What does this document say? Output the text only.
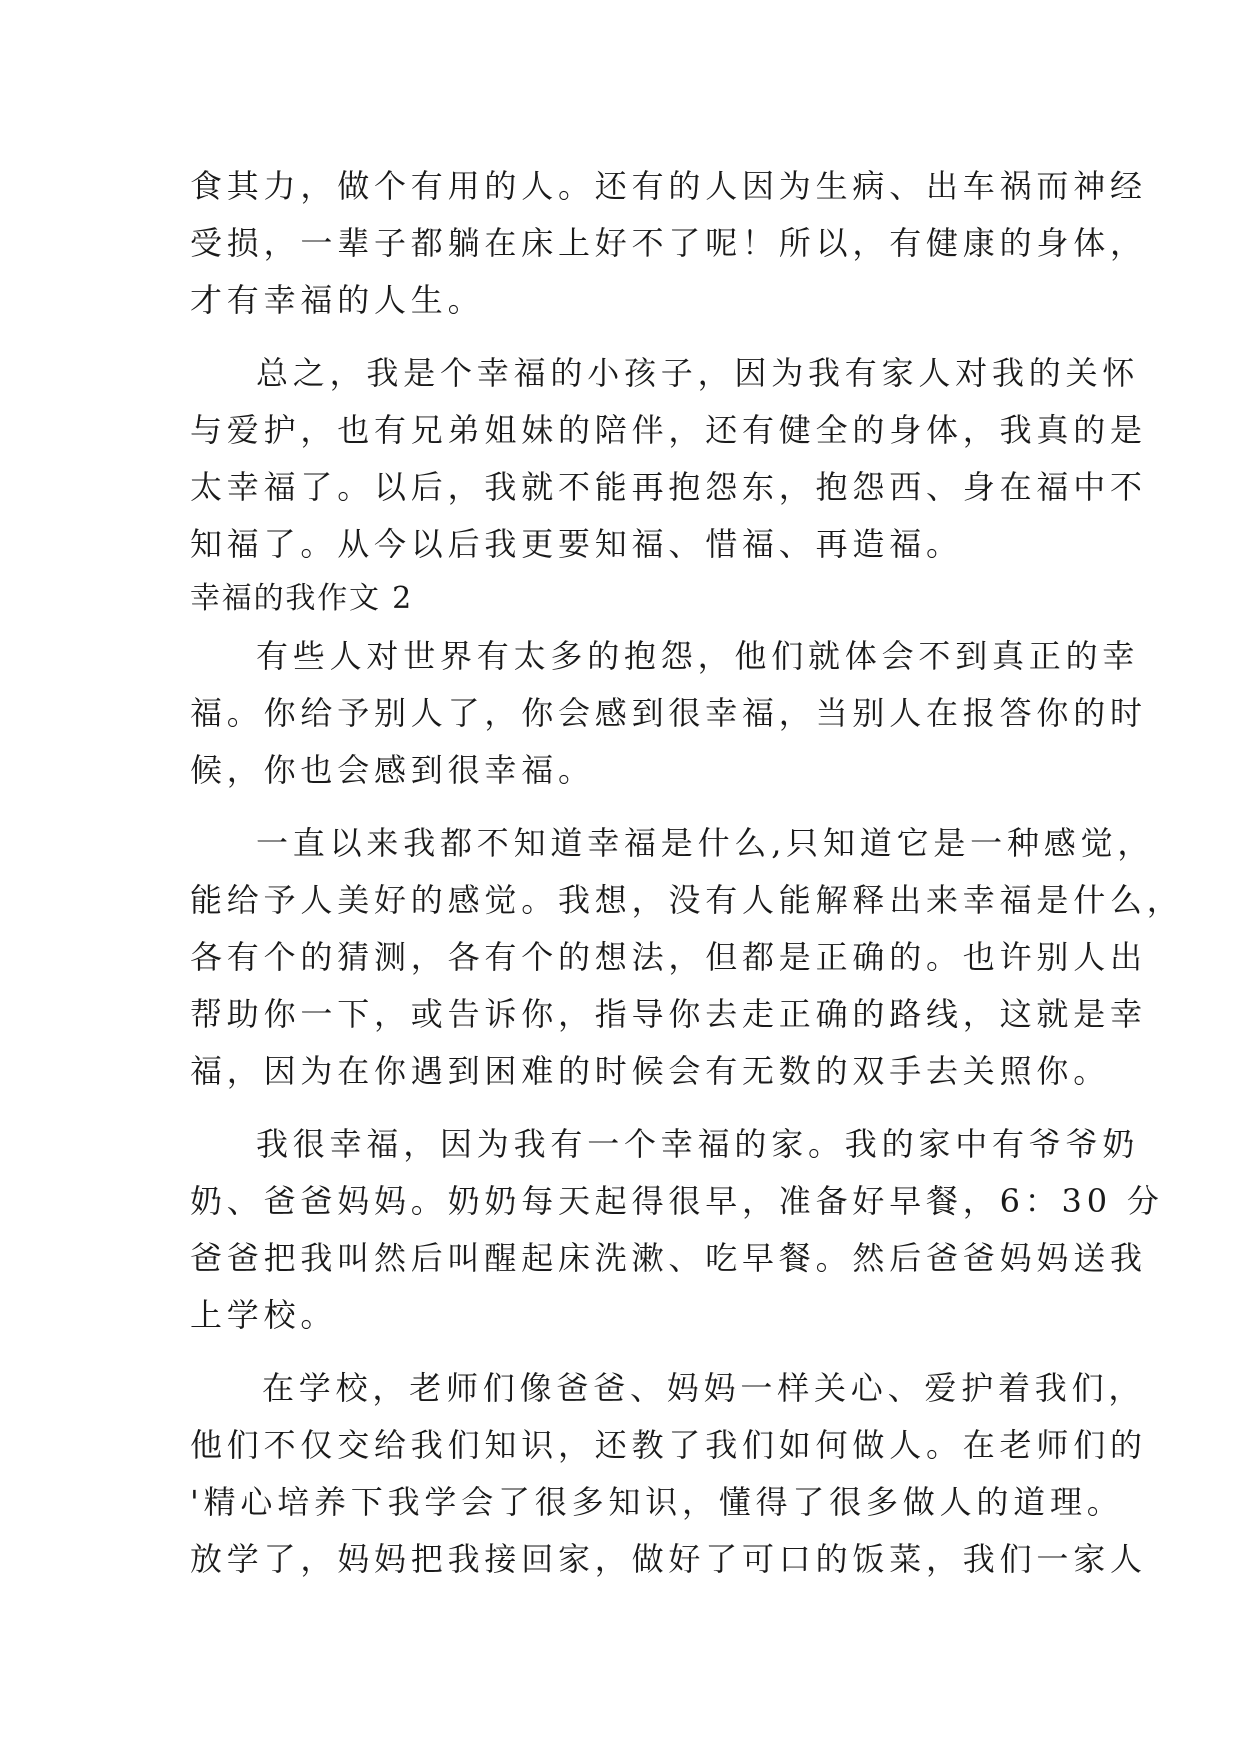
食其力，做个有用的人。还有的人因为生病、出车祸而神经
受损，一辈子都躺在床上好不了呢！所以，有健康的身体，
才有幸福的人生。
总之，我是个幸福的小孩子，因为我有家人对我的关怀
与爱护，也有兄弟姐妹的陪伴，还有健全的身体，我真的是
太幸福了。以后，我就不能再抱怨东，抱怨西、身在福中不
知福了。从今以后我更要知福、惜福、再造福。
幸福的我作文 2
有些人对世界有太多的抱怨，他们就体会不到真正的幸
福。你给予别人了，你会感到很幸福，当别人在报答你的时
候，你也会感到很幸福。
一直以来我都不知道幸福是什么,只知道它是一种感觉，
能给予人美好的感觉。我想，没有人能解释出来幸福是什么，
各有个的猜测，各有个的想法，但都是正确的。也许别人出
帮助你一下，或告诉你，指导你去走正确的路线，这就是幸
福，因为在你遇到困难的时候会有无数的双手去关照你。
我很幸福，因为我有一个幸福的家。我的家中有爷爷奶
奶、爸爸妈妈。奶奶每天起得很早，准备好早餐，6：30 分
爸爸把我叫然后叫醒起床洗漱、吃早餐。然后爸爸妈妈送我
上学校。
在学校，老师们像爸爸、妈妈一样关心、爱护着我们，
他们不仅交给我们知识，还教了我们如何做人。在老师们的
'精心培养下我学会了很多知识，懂得了很多做人的道理。
放学了，妈妈把我接回家，做好了可口的饭菜，我们一家人
